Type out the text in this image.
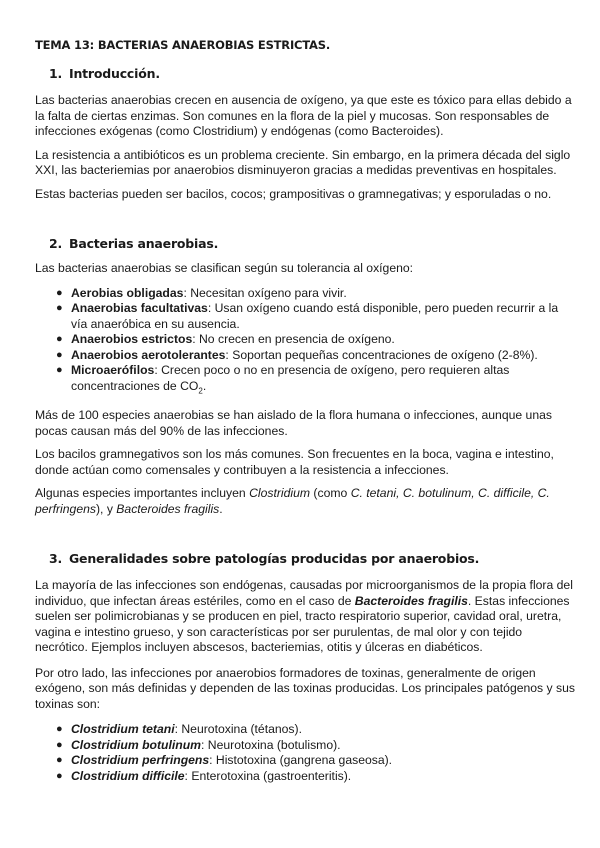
TEMA 13: BACTERIAS ANAEROBIAS ESTRICTAS.
1. Introducción.

Las bacterias anaerobias crecen en ausencia de oxígeno, ya que este es tóxico para ellas debido a la falta de ciertas enzimas. Son comunes en la flora de la piel y mucosas. Son responsables de infecciones exógenas (como Clostridium) y endógenas (como Bacteroides).

La resistencia a antibióticos es un problema creciente. Sin embargo, en la primera década del siglo XXI, las bacteriemias por anaerobios disminuyeron gracias a medidas preventivas en hospitales.

Estas bacterias pueden ser bacilos, cocos; grampositivas o gramnegativas; y esporuladas o no.

2. Bacterias anaerobias.

Las bacterias anaerobias se clasifican según su tolerancia al oxígeno:

● Aerobias obligadas: Necesitan oxígeno para vivir.
● Anaerobias facultativas: Usan oxígeno cuando está disponible, pero pueden recurrir a la vía anaeróbica en su ausencia.
● Anaerobios estrictos: No crecen en presencia de oxígeno.
● Anaerobios aerotolerantes: Soportan pequeñas concentraciones de oxígeno (2-8%).
● Microaerófilos: Crecen poco o no en presencia de oxígeno, pero requieren altas concentraciones de $CO_2$.

Más de 100 especies anaerobias se han aislado de la flora humana o infecciones, aunque unas pocas causan más del 90% de las infecciones.

Los bacilos gramnegativos son los más comunes. Son frecuentes en la boca, vagina e intestino, donde actúan como comensales y contribuyen a la resistencia a infecciones.

Algunas especies importantes incluyen Clostridium (como C. tetani, C. botulinum, C. difficile, C. perfringens), y Bacteroides fragilis.

3. Generalidades sobre patologías producidas por anaerobios.

La mayoría de las infecciones son endógenas, causadas por microorganismos de la propia flora del individuo, que infectan áreas estériles, como en el caso de Bacteroides fragilis. Estas infecciones suelen ser polimicrobianas y se producen en piel, tracto respiratorio superior, cavidad oral, uretra, vagina e intestino grueso, y son características por ser purulentas, de mal olor y con tejido necrótico. Ejemplos incluyen abscesos, bacteriemias, otitis y úlceras en diabéticos.

Por otro lado, las infecciones por anaerobios formadores de toxinas, generalmente de origen exógeno, son más definidas y dependen de las toxinas producidas. Los principales patógenos y sus toxinas son:

● Clostridium tetani: Neurotoxina (tétanos).
● Clostridium botulinum: Neurotoxina (botulismo).
● Clostridium perfringens: Histotoxina (gangrena gaseosa).
● Clostridium difficile: Enterotoxina (gastroenteritis).
